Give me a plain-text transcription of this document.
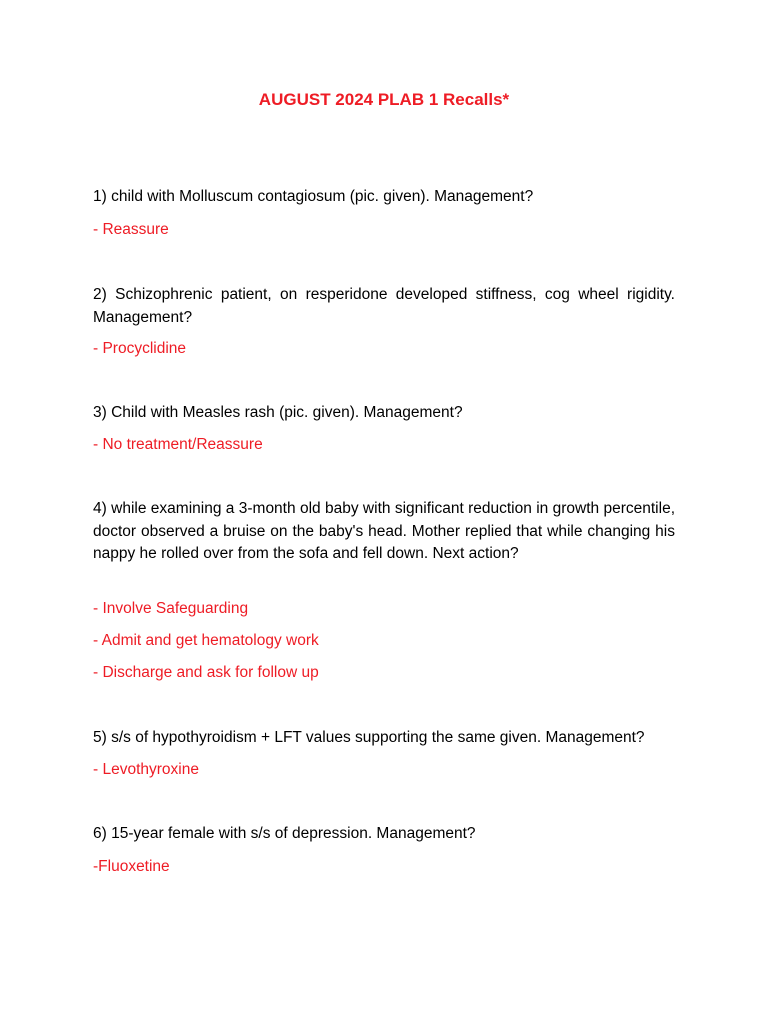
AUGUST 2024 PLAB 1 Recalls*
1) child with Molluscum contagiosum (pic. given). Management?
- Reassure
2) Schizophrenic patient, on resperidone developed stiffness, cog wheel rigidity. Management?
- Procyclidine
3) Child with Measles rash (pic. given). Management?
- No treatment/Reassure
4) while examining a 3-month old baby with significant reduction in growth percentile, doctor observed a bruise on the baby's head. Mother replied that while changing his nappy he rolled over from the sofa and fell down. Next action?
- Involve Safeguarding
- Admit and get hematology work
- Discharge and ask for follow up
5) s/s of hypothyroidism + LFT values supporting the same given. Management?
- Levothyroxine
6) 15-year female with s/s of depression. Management?
-Fluoxetine
